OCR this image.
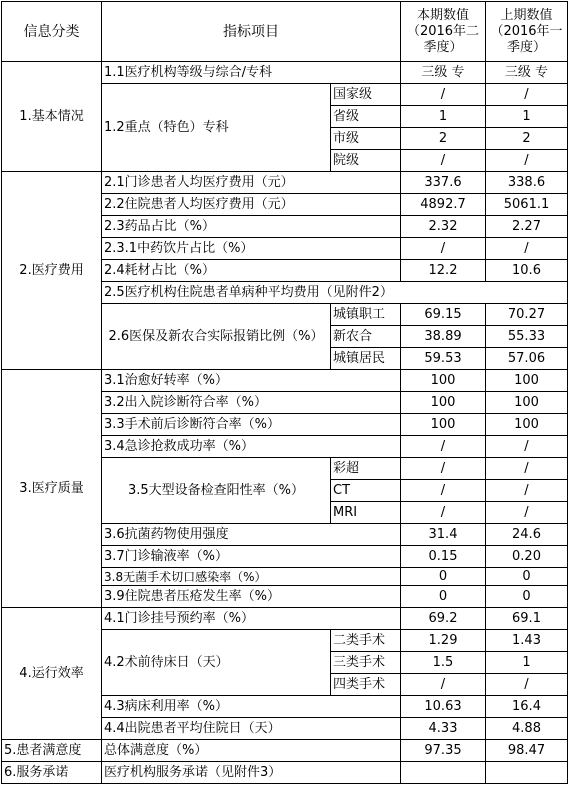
信息分类	指标项目		本期数值（2016年二季度）	上期数值（2016年一季度）
1.基本情况	1.1医疗机构等级与综合/专科		三级 专	三级 专
	1.2重点（特色）专科	国家级	/	/
		省级	1	1
		市级	2	2
		院级	/	/
2.医疗费用	2.1门诊患者人均医疗费用（元）		337.6	338.6
	2.2住院患者人均医疗费用（元）		4892.7	5061.1
	2.3药品占比（%）		2.32	2.27
	2.3.1中药饮片占比（%）		/	/
	2.4耗材占比（%）		12.2	10.6
	2.5医疗机构住院患者单病种平均费用（见附件2）			
	2.6医保及新农合实际报销比例（%）	城镇职工	69.15	70.27
		新农合	38.89	55.33
		城镇居民	59.53	57.06
3.医疗质量	3.1治愈好转率（%）		100	100
	3.2出入院诊断符合率（%）		100	100
	3.3手术前后诊断符合率（%）		100	100
	3.4急诊抢救成功率（%）		/	/
	3.5大型设备检查阳性率（%）	彩超	/	/
		CT	/	/
		MRI	/	/
	3.6抗菌药物使用强度		31.4	24.6
	3.7门诊输液率（%）		0.15	0.20
	3.8无菌手术切口感染率（%）		0	0
	3.9住院患者压疮发生率（%）		0	0
4.运行效率	4.1门诊挂号预约率（%）		69.2	69.1
	4.2术前待床日（天）	二类手术	1.29	1.43
		三类手术	1.5	1
		四类手术	/	/
	4.3病床利用率（%）		10.63	16.4
	4.4出院患者平均住院日（天）		4.33	4.88
5.患者满意度	总体满意度（%）		97.35	98.47
6.服务承诺	医疗机构服务承诺（见附件3）			
